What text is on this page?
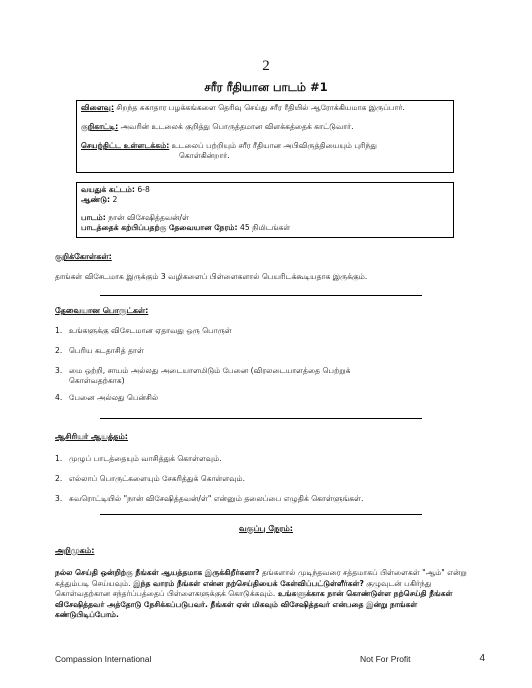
2
சரீர ரீதியான பாடம் #1
விளைவு: சிறந்த சுகாதார பழக்கங்களை தெரிவு செய்து சரீர ரீதியில் ஆரோக்கியமாக இருப்பார்.
குறிகாட்டி: அவரின் உடலைக் குறித்து பொருத்தமான விளக்கத்தைக் காட்டுவார்.
செயற்திட்ட உள்ளடக்கம்: உடலைப் பற்றியும் சரீர ரீதியான அபிவிருத்தியையும் புரிந்து
கொள்கின்றார்.
வயதுக் கட்டம்: 6-8
ஆண்டு: 2
பாடம்: நான் விசேஷித்தவன்/ள்
பாடத்தைக் கற்பிப்பதற்கு தேவையான நேரம்: 45 நிமிடங்கள்
குறிக்கோள்கள்:
தாங்கள் விசேடமாக இருக்கும் 3 வழிகளைப் பிள்ளைகளால் பெயரிடக்கூடியதாக இருக்கும்.
தேவையான பொருட்கள்:
1. உங்களுக்கு விசேடமான ஏதாவது ஒரு பொருள்
2. பெரிய கடதாசித் தாள்
3. மை ஒற்றி, சாயம் அல்லது அடையாளமிடும் பேனை (விரலடையாளத்தை பெற்றுக் கொள்வதற்காக)
4. பேனை அல்லது பென்சில்
ஆசிரியர் ஆயத்தம்:
1. முழுப் பாடத்தையும் வாசித்துக் கொள்ளவும்.
2. எல்லாப் பொருட்களையும் சேகரித்துக் கொள்ளவும்.
3. சுவரொட்டியில் "நான் விசேஷித்தவன்/ள்" என்னும் தலைப்பை எழுதிக் கொள்ளுங்கள்.
வகுப்பு நேரம்:
அறிமுகம்:
நல்ல செய்தி ஒன்றிற்கு நீங்கள் ஆயத்தமாக இருக்கிறீர்களா? தங்களால் முடிந்தவரை சத்தமாகப் பிள்ளைகள் "ஆம்" என்று கத்தும்படி செய்யவும். இந்த வாரம் நீங்கள் என்ன நற்செய்தியைக் கேள்விப்பட்டுள்ளீர்கள்? குழுவுடன் பகிர்ந்து கொள்வதற்கான சந்தர்ப்பத்தைப் பிள்ளைகளுக்குக் கொடுக்கவும். உங்களுக்காக நான் கொண்டுள்ள நற்செய்தி நீங்கள் விசேஷித்தவர் அத்தோடு நேசிக்கப்படுபவர். நீங்கள் ஏன் மிகவும் விசேஷித்தவர் என்பதை இன்று நாங்கள் கண்டுபிடிப்போம்.
Compassion International	Not For Profit	4
